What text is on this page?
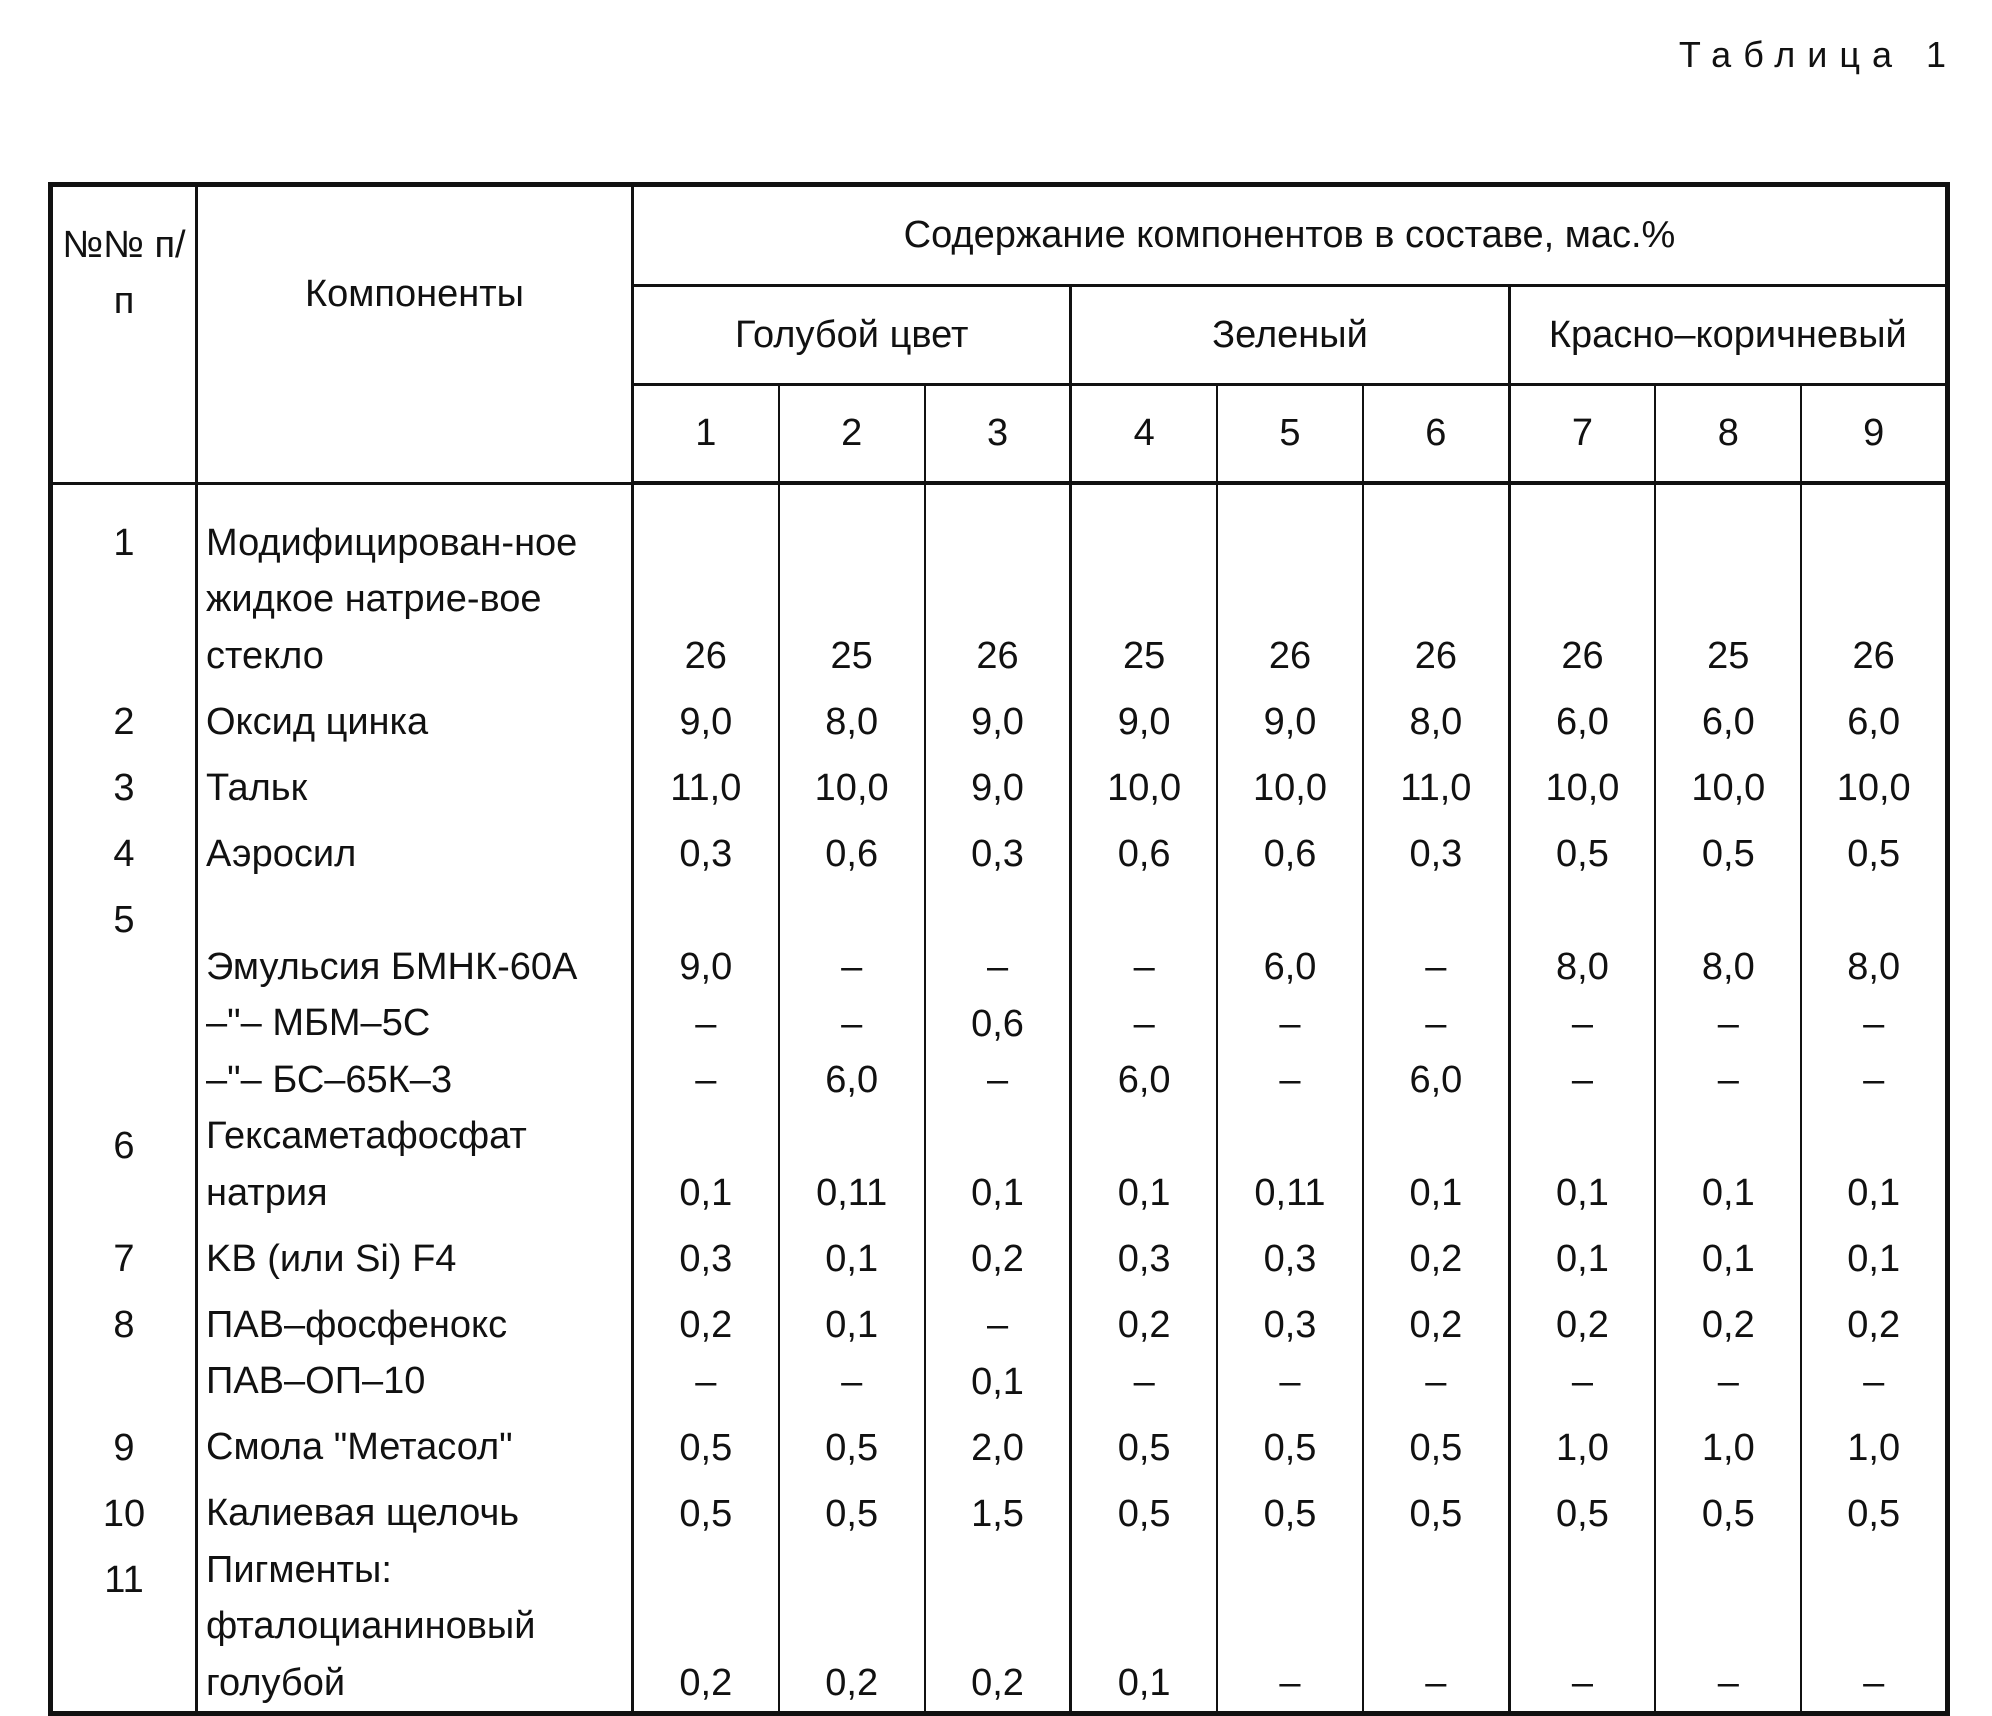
Таблица 1
№№ п/п	Компоненты	Содержание компонентов в составе, мас.%								
		Голубой цвет			Зеленый			Красно–коричневый		
		1	2	3	4	5	6	7	8	9
1	Модифицирован-ное жидкое натрие-вое стекло	26	25	26	25	26	26	26	25	26
2	Оксид цинка	9,0	8,0	9,0	9,0	9,0	8,0	6,0	6,0	6,0
3	Тальк	11,0	10,0	9,0	10,0	10,0	11,0	10,0	10,0	10,0
4	Аэросил	0,3	0,6	0,3	0,6	0,6	0,3	0,5	0,5	0,5
5	Эмульсия БМНК-60А	9,0	–	–	–	6,0	–	8,0	8,0	8,0
	–"– МБМ–5С	–	–	0,6	–	–	–	–	–	–
	–"– БС–65К–3	–	6,0	–	6,0	–	6,0	–	–	–
6	Гексаметафосфат натрия	0,1	0,11	0,1	0,1	0,11	0,1	0,1	0,1	0,1
7	KB (или Si) F4	0,3	0,1	0,2	0,3	0,3	0,2	0,1	0,1	0,1
8	ПАВ–фосфенокс	0,2	0,1	–	0,2	0,3	0,2	0,2	0,2	0,2
	ПАВ–ОП–10	–	–	0,1	–	–	–	–	–	–
9	Смола "Метасол"	0,5	0,5	2,0	0,5	0,5	0,5	1,0	1,0	1,0
10	Калиевая щелочь	0,5	0,5	1,5	0,5	0,5	0,5	0,5	0,5	0,5
11	Пигменты: фталоцианиновый голубой	0,2	0,2	0,2	0,1	–	–	–	–	–
